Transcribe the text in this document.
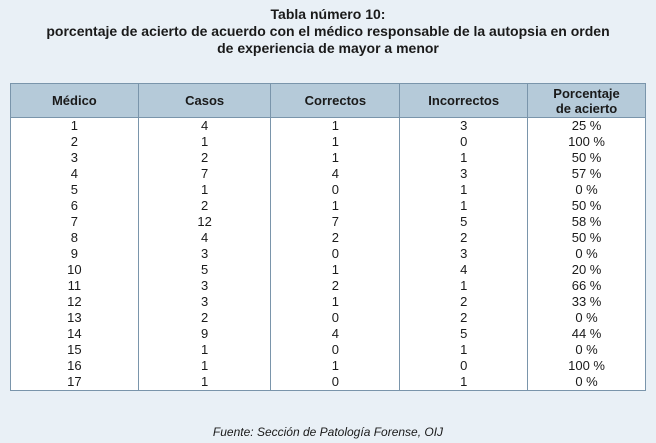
Tabla número 10:
porcentaje de acierto de acuerdo con el médico responsable de la autopsia en orden
de experiencia de mayor a menor
Médico	Casos	Correctos	Incorrectos	Porcentaje
de acierto
1	4	1	3	25 %
2	1	1	0	100 %
3	2	1	1	50 %
4	7	4	3	57 %
5	1	0	1	0 %
6	2	1	1	50 %
7	12	7	5	58 %
8	4	2	2	50 %
9	3	0	3	0 %
10	5	1	4	20 %
11	3	2	1	66 %
12	3	1	2	33 %
13	2	0	2	0 %
14	9	4	5	44 %
15	1	0	1	0 %
16	1	1	0	100 %
17	1	0	1	0 %
Fuente: Sección de Patología Forense, OIJ
